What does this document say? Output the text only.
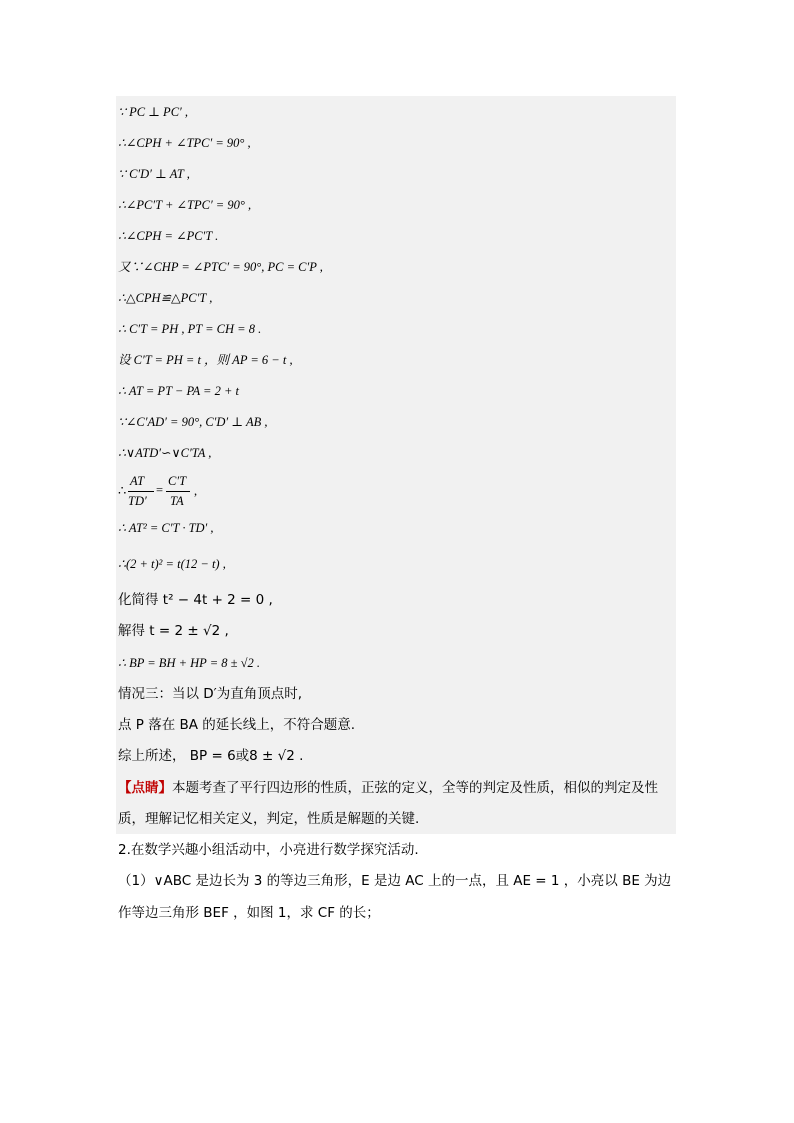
∵ PC ⊥ PC′ ,
∴∠CPH + ∠TPC′ = 90° ,
∵ C′D′ ⊥ AT ,
∴∠PC′T + ∠TPC′ = 90° ,
∴∠CPH = ∠PC′T .
又∵∠CHP = ∠PTC′ = 90°, PC = C′P ,
∴△CPH≌△PC′T ,
∴ C′T = PH , PT = CH = 8 .
设 C′T = PH = t ，则 AP = 6 − t ,
∴ AT = PT − PA = 2 + t
∵∠C′AD′ = 90°, C′D′ ⊥ AB ,
∴∨ATD′∽∨C′TA ,
∴
AT
TD′
=
C′T
TA
,
∴ AT² = C′T · TD′ ,
∴(2 + t)² = t(12 − t) ,
化简得 t² − 4t + 2 = 0 ,
解得 t = 2 ± √2 ,
∴ BP = BH + HP = 8 ± √2 .
情况三：当以 D′为直角顶点时,
点 P 落在 BA 的延长线上，不符合题意.
综上所述， BP = 6或8 ± √2 .
【点睛】本题考查了平行四边形的性质，正弦的定义，全等的判定及性质，相似的判定及性
质，理解记忆相关定义，判定，性质是解题的关键.
2.在数学兴趣小组活动中，小亮进行数学探究活动.
（1）∨ABC 是边长为 3 的等边三角形，E 是边 AC 上的一点，且 AE = 1 ，小亮以 BE 为边
作等边三角形 BEF ，如图 1，求 CF 的长；
